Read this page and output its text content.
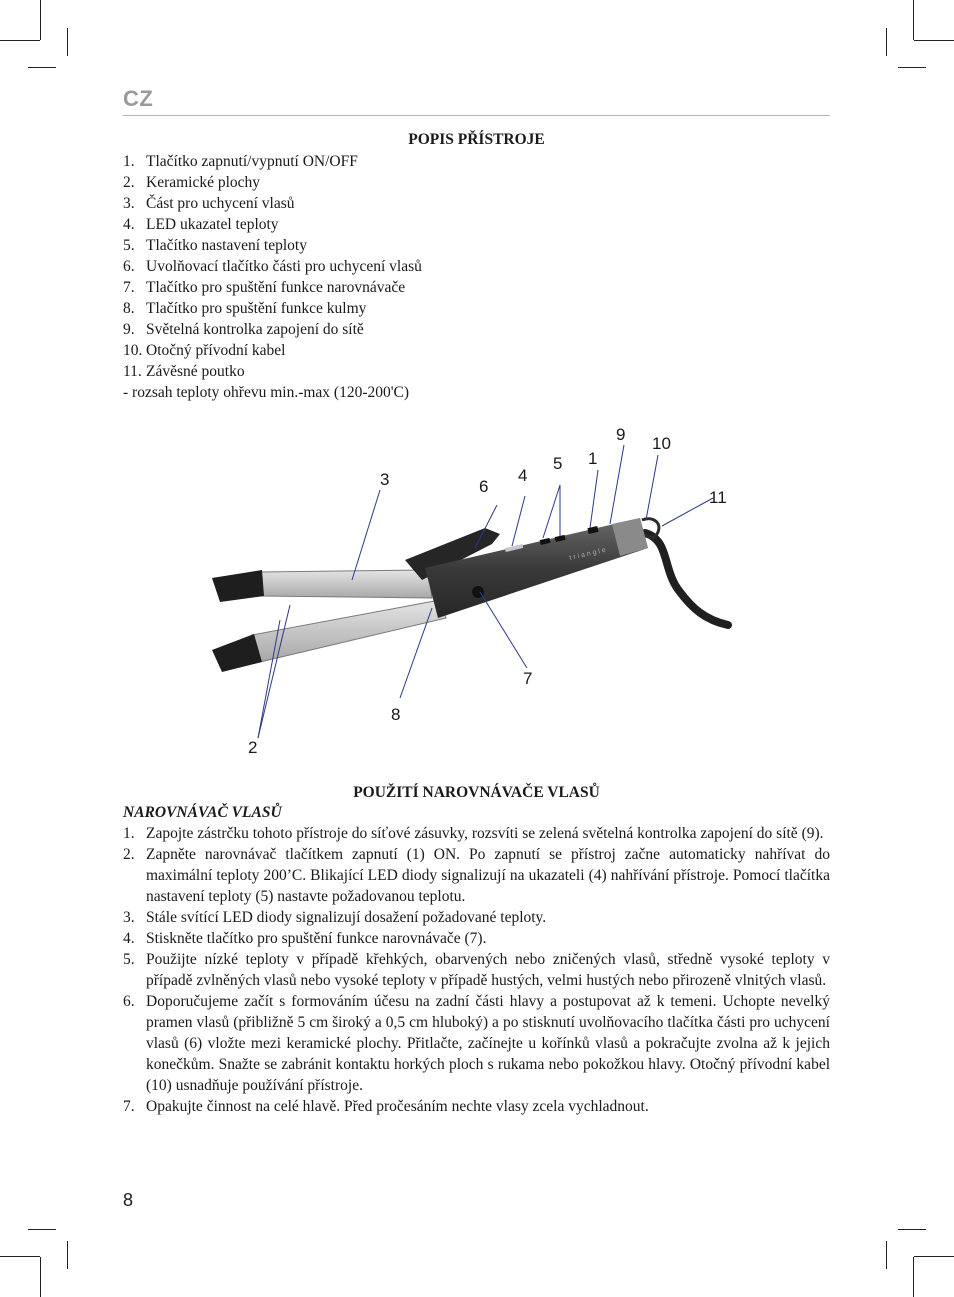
CZ
POPIS PŘÍSTROJE
1. Tlačítko zapnutí/vypnutí ON/OFF
2. Keramické plochy
3. Část pro uchycení vlasů
4. LED ukazatel teploty
5. Tlačítko nastavení teploty
6. Uvolňovací tlačítko části pro uchycení vlasů
7. Tlačítko pro spuštění funkce narovnávače
8. Tlačítko pro spuštění funkce kulmy
9. Světelná kontrolka zapojení do sítě
10. Otočný přívodní kabel
11. Závěsné poutko
- rozsah teploty ohřevu min.-max (120-200'C)
triangle
1
2
3	4
5
6
7
8
9 10
11
POUŽITÍ NAROVNÁVAČE VLASŮ
NAROVNÁVAČ VLASŮ
1. Zapojte zástrčku tohoto přístroje do síťové zásuvky, rozsvíti se zelená světelná kontrolka zapojení do sítě (9).
2. Zapněte narovnávač tlačítkem zapnutí (1) ON. Po zapnutí se přístroj začne automaticky nahřívat do maximální teploty 200’C. Blikající LED diody signalizují na ukazateli (4) nahřívání přístroje. Pomocí tlačítka nastavení teploty (5) nastavte požadovanou teplotu.
3. Stále svítící LED diody signalizují dosažení požadované teploty.
4. Stiskněte tlačítko pro spuštění funkce narovnávače (7).
5. Použijte nízké teploty v případě křehkých, obarvených nebo zničených vlasů, středně vysoké teploty v případě zvlněných vlasů nebo vysoké teploty v případě hustých, velmi hustých nebo přirozeně vlnitých vlasů.
6. Doporučujeme začít s formováním účesu na zadní části hlavy a postupovat až k temeni. Uchopte nevelký pramen vlasů (přibližně 5 cm široký a 0,5 cm hluboký) a po stisknutí uvolňovacího tlačítka části pro uchycení vlasů (6) vložte mezi keramické plochy. Přitlačte, začínejte u kořínků vlasů a pokračujte zvolna až k jejich konečkům. Snažte se zabránit kontaktu horkých ploch s rukama nebo pokožkou hlavy. Otočný přívodní kabel (10) usnadňuje používání přístroje.
7. Opakujte činnost na celé hlavě. Před pročesáním nechte vlasy zcela vychladnout.
8
